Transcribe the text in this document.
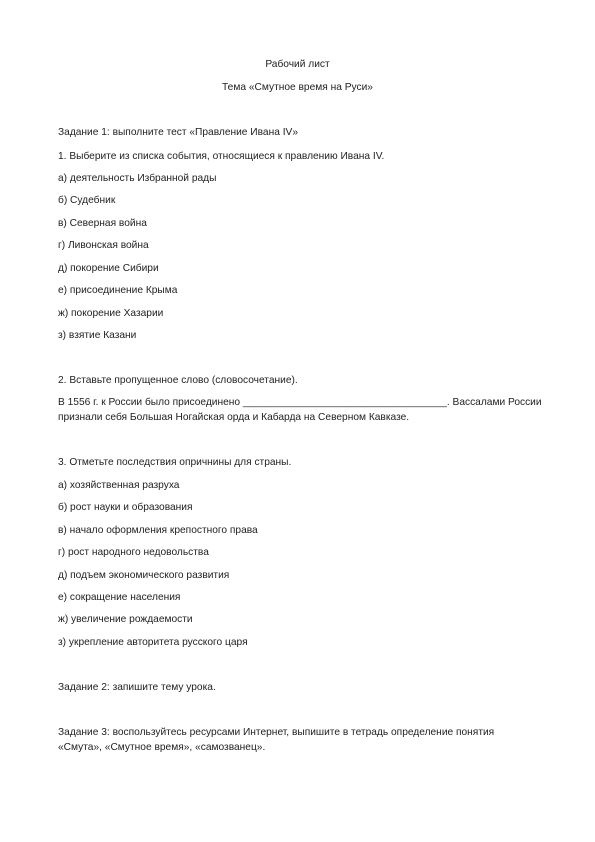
Рабочий лист
Тема «Смутное время на Руси»
Задание 1: выполните тест «Правление Ивана IV»
1. Выберите из списка события, относящиеся к правлению Ивана IV.
а) деятельность Избранной рады
б) Судебник
в) Северная война
г) Ливонская война
д) покорение Сибири
е) присоединение Крыма
ж) покорение Хазарии
з) взятие Казани
2. Вставьте пропущенное слово (словосочетание).
В 1556 г. к России было присоединено ____________________________________. Вассалами России
признали себя Большая Ногайская орда и Кабарда на Северном Кавказе.
3. Отметьте последствия опричнины для страны.
а) хозяйственная разруха
б) рост науки и образования
в) начало оформления крепостного права
г) рост народного недовольства
д) подъем экономического развития
е) сокращение населения
ж) увеличение рождаемости
з) укрепление авторитета русского царя
Задание 2: запишите тему урока.
Задание 3: воспользуйтесь ресурсами Интернет, выпишите в тетрадь определение понятия
«Смута», «Смутное время», «самозванец».
